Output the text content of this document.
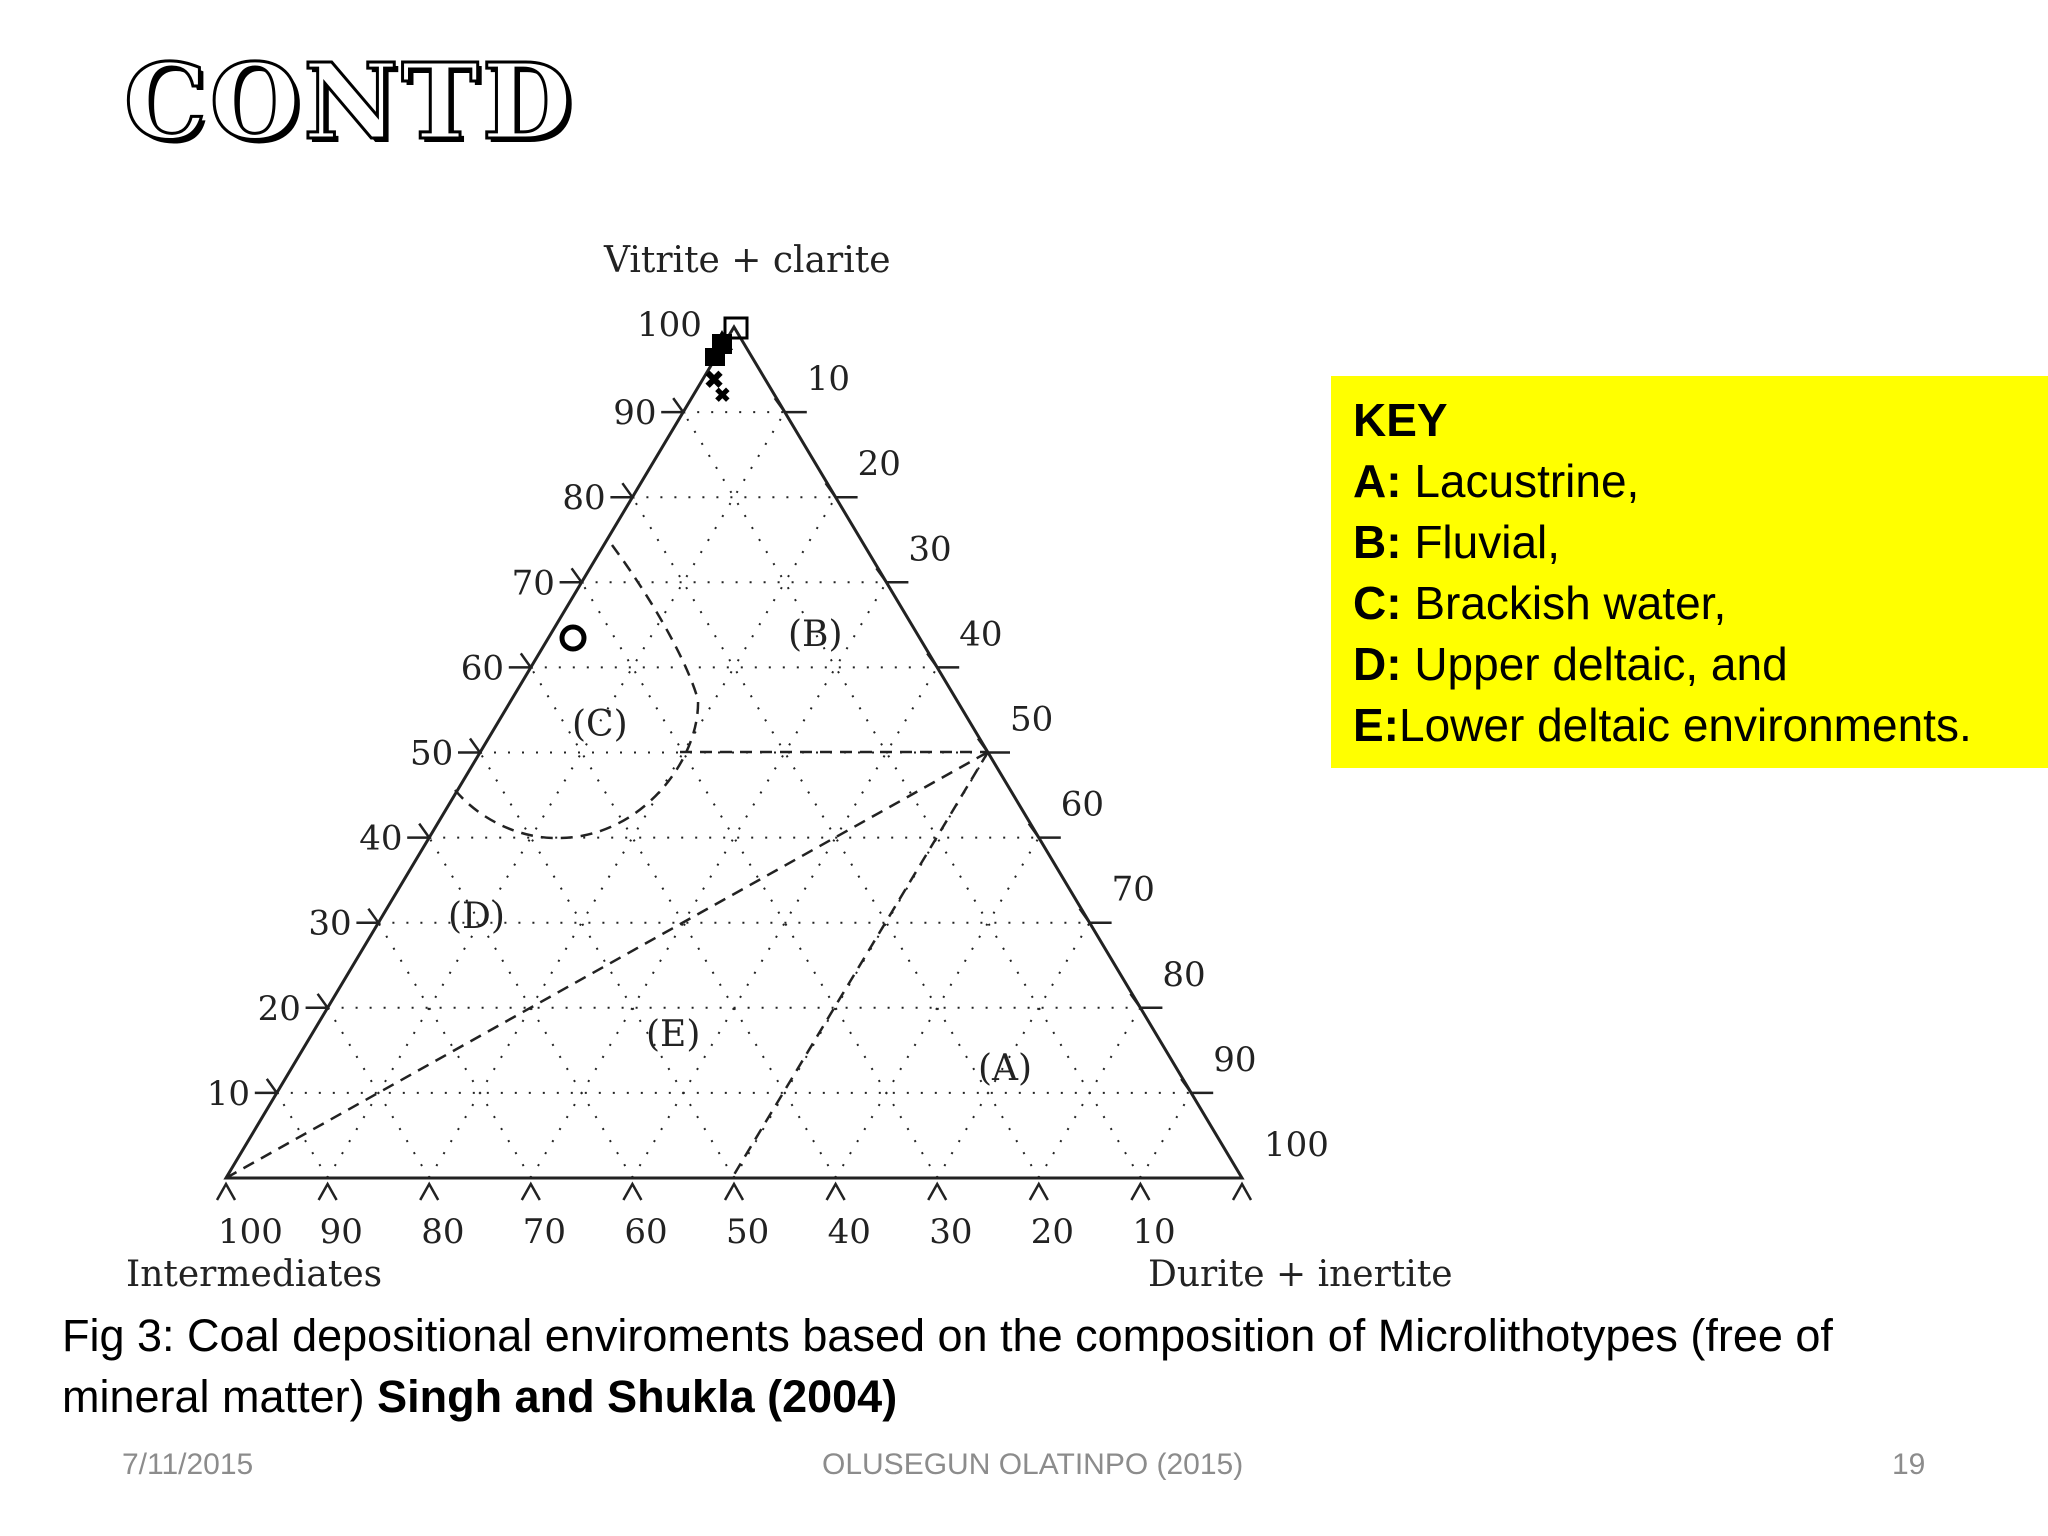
CONTD
✖
✖
Vitrite + clarite
Intermediates	Durite + inertite
100
90
80
70
60
50
40
30
20
10
10
20
30
40
50
60
70
80
90
100
100 90 80 70 60 50 40 30 20 10
(A)
(B)
(C)
(D)
(E)
KEY
A: Lacustrine,
B: Fluvial,
C: Brackish water,
D: Upper deltaic, and
E:Lower deltaic environments.
Fig 3: Coal depositional enviroments based on the composition of Microlithotypes (free of mineral matter) Singh and Shukla (2004)
7/11/2015	OLUSEGUN OLATINPO (2015)	19
